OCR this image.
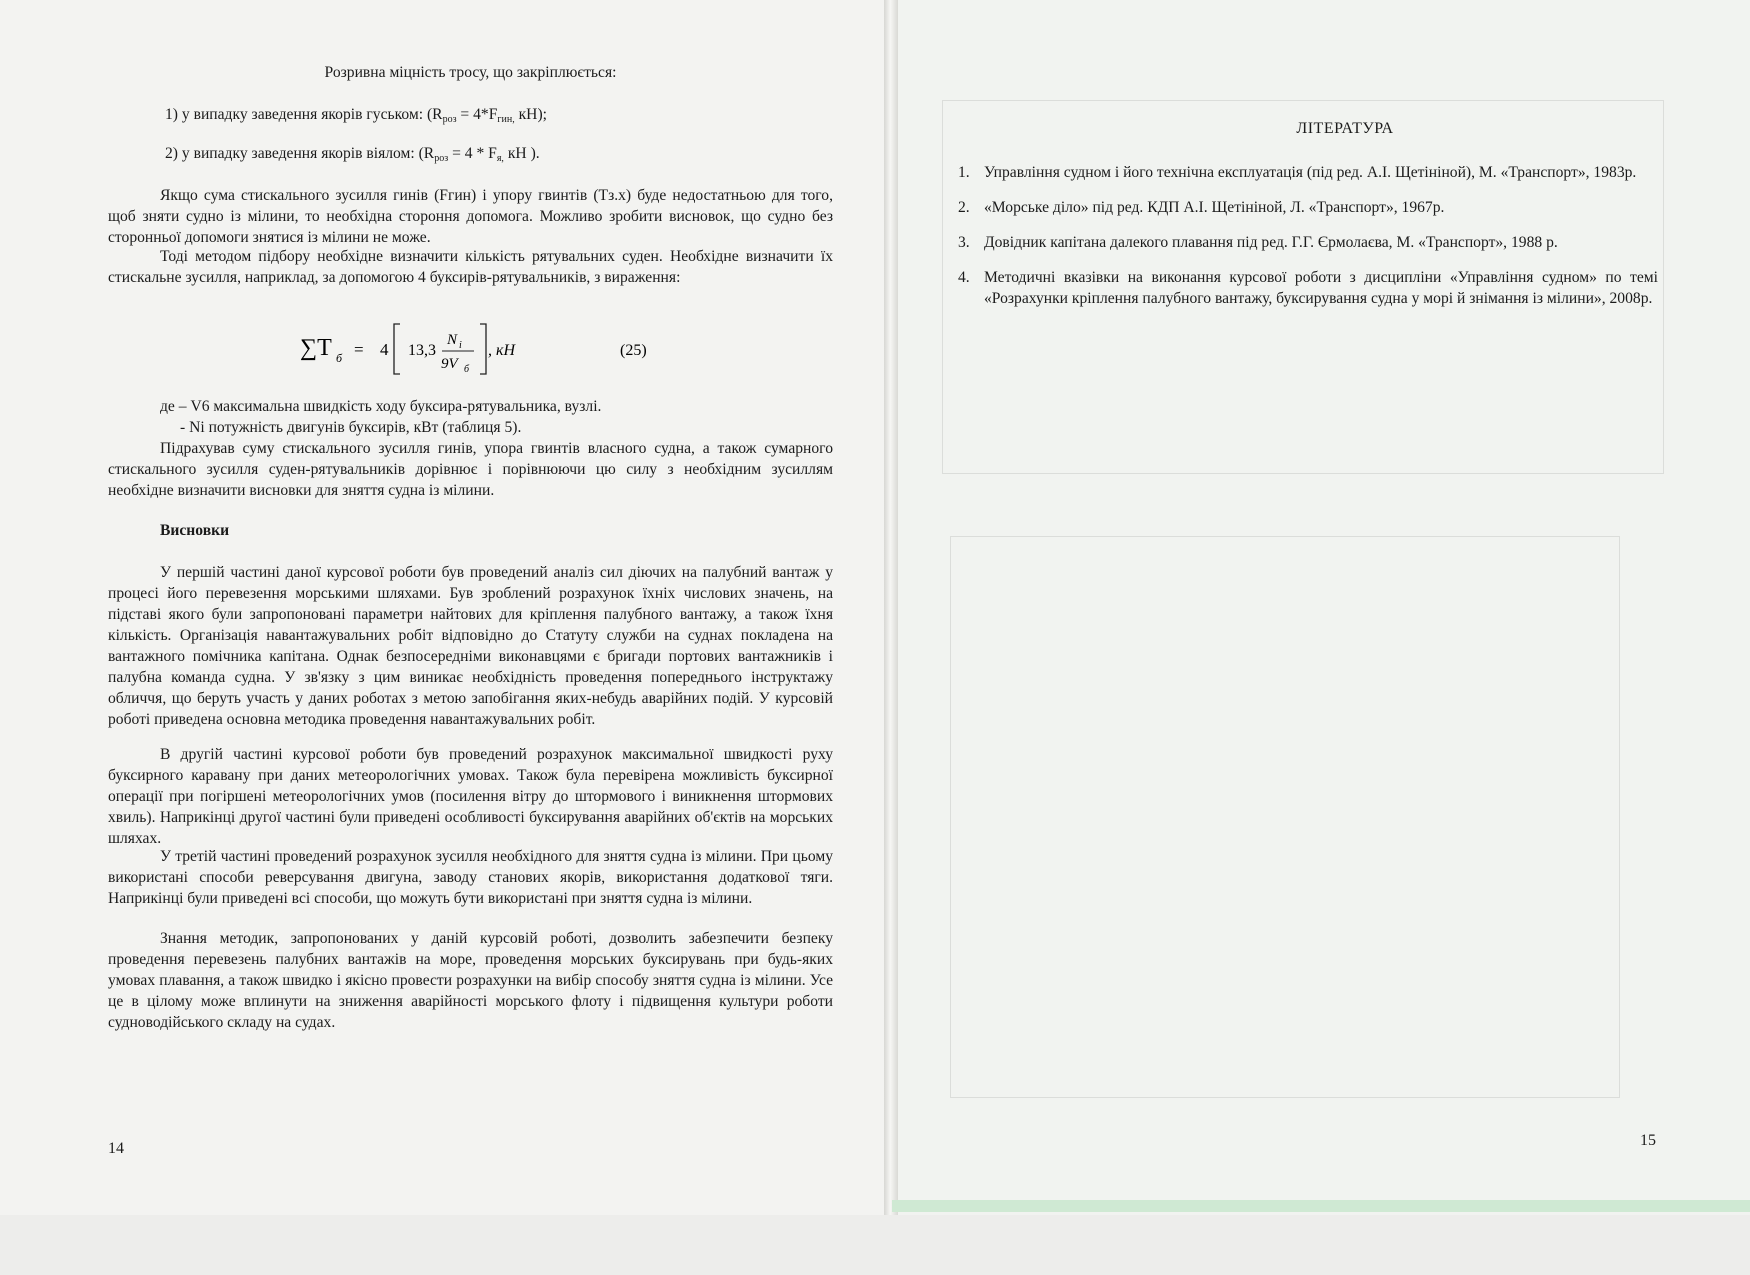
Розривна міцність тросу, що закріплюється:
1) у випадку заведення якорів гуськом: ($R_{роз} = 4*F_{гин,}$ кН);
2) у випадку заведення якорів віялом: ($R_{роз} = 4 * F_{я,}$ кН ).
Якщо сума стискального зусилля гинів (Fгин) і упору гвинтів (Tз.х) буде недостатньою для того, щоб зняти судно із мілини, то необхідна стороння допомога. Можливо зробити висновок, що судно без сторонньої допомоги знятися із мілини не може.
Тоді методом підбору необхідне визначити кількість рятувальних суден. Необхідне визначити їх стискальне зусилля, наприклад, за допомогою 4 буксирів-рятувальників, з вираження:
∑T б = 4 13,3
N i
9V б
, кН	(25)
де – V6 максимальна швидкість ходу буксира-рятувальника, вузлі.
- Ni потужність двигунів буксирів, кВт (таблиця 5).
Підрахував суму стискального зусилля гинів, упора гвинтів власного судна, а також сумарного стискального зусилля суден-рятувальників дорівнює і порівнюючи цю силу з необхідним зусиллям необхідне визначити висновки для зняття судна із мілини.
Висновки
У першій частині даної курсової роботи був проведений аналіз сил діючих на палубний вантаж у процесі його перевезення морськими шляхами. Був зроблений розрахунок їхніх числових значень, на підставі якого були запропоновані параметри найтових для кріплення палубного вантажу, а також їхня кількість. Організація навантажувальних робіт відповідно до Статуту служби на суднах покладена на вантажного помічника капітана. Однак безпосередніми виконавцями є бригади портових вантажників і палубна команда судна. У зв'язку з цим виникає необхідність проведення попереднього інструктажу обличчя, що беруть участь у даних роботах з метою запобігання яких-небудь аварійних подій. У курсовій роботі приведена основна методика проведення навантажувальних робіт.
В другій частині курсової роботи був проведений розрахунок максимальної швидкості руху буксирного каравану при даних метеорологічних умовах. Також була перевірена можливість буксирної операції при погіршені метеорологічних умов (посилення вітру до штормового і виникнення штормових хвиль). Наприкінці другої частині були приведені особливості буксирування аварійних об'єктів на морських шляхах.
У третій частині проведений розрахунок зусилля необхідного для зняття судна із мілини. При цьому використані способи реверсування двигуна, заводу станових якорів, використання додаткової тяги. Наприкінці були приведені всі способи, що можуть бути використані при зняття судна із мілини.
Знання методик, запропонованих у даній курсовій роботі, дозволить забезпечити безпеку проведення перевезень палубних вантажів на море, проведення морських буксирувань при будь-яких умовах плавання, а також швидко і якісно провести розрахунки на вибір способу зняття судна із мілини. Усе це в цілому може вплинути на зниження аварійності морського флоту і підвищення культури роботи судноводійського складу на судах.
14
ЛІТЕРАТУРА
1. Управління судном і його технічна експлуатація (під ред. А.І. Щетініной), М. «Транспорт», 1983р.
2. «Морське діло» під ред. КДП А.І. Щетініной, Л. «Транспорт», 1967р.
3. Довідник капітана далекого плавання під ред. Г.Г. Єрмолаєва, М. «Транспорт», 1988 р.
4. Методичні вказівки на виконання курсової роботи з дисципліни «Управління судном» по темі «Розрахунки кріплення палубного вантажу, буксирування судна у морі й знімання із мілини», 2008р.
15
